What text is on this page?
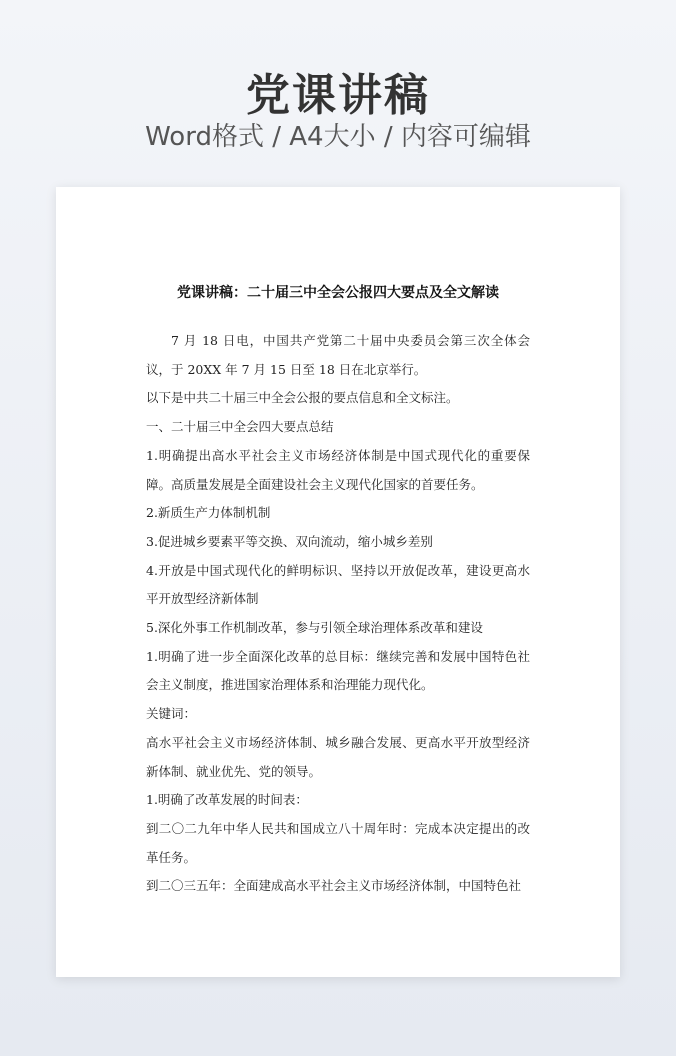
党课讲稿
Word格式 / A4大小 / 内容可编辑
党课讲稿：二十届三中全会公报四大要点及全文解读

7 月 18 日电，中国共产党第二十届中央委员会第三次全体会议，于 20XX 年 7 月 15 日至 18 日在北京举行。

以下是中共二十届三中全会公报的要点信息和全文标注。

一、二十届三中全会四大要点总结

1.明确提出高水平社会主义市场经济体制是中国式现代化的重要保障。高质量发展是全面建设社会主义现代化国家的首要任务。

2.新质生产力体制机制

3.促进城乡要素平等交换、双向流动，缩小城乡差别

4.开放是中国式现代化的鲜明标识、坚持以开放促改革，建设更高水平开放型经济新体制

5.深化外事工作机制改革，参与引领全球治理体系改革和建设

1.明确了进一步全面深化改革的总目标：继续完善和发展中国特色社会主义制度，推进国家治理体系和治理能力现代化。

关键词：

高水平社会主义市场经济体制、城乡融合发展、更高水平开放型经济新体制、就业优先、党的领导。

1.明确了改革发展的时间表：

到二〇二九年中华人民共和国成立八十周年时：完成本决定提出的改革任务。

到二〇三五年：全面建成高水平社会主义市场经济体制，中国特色社
